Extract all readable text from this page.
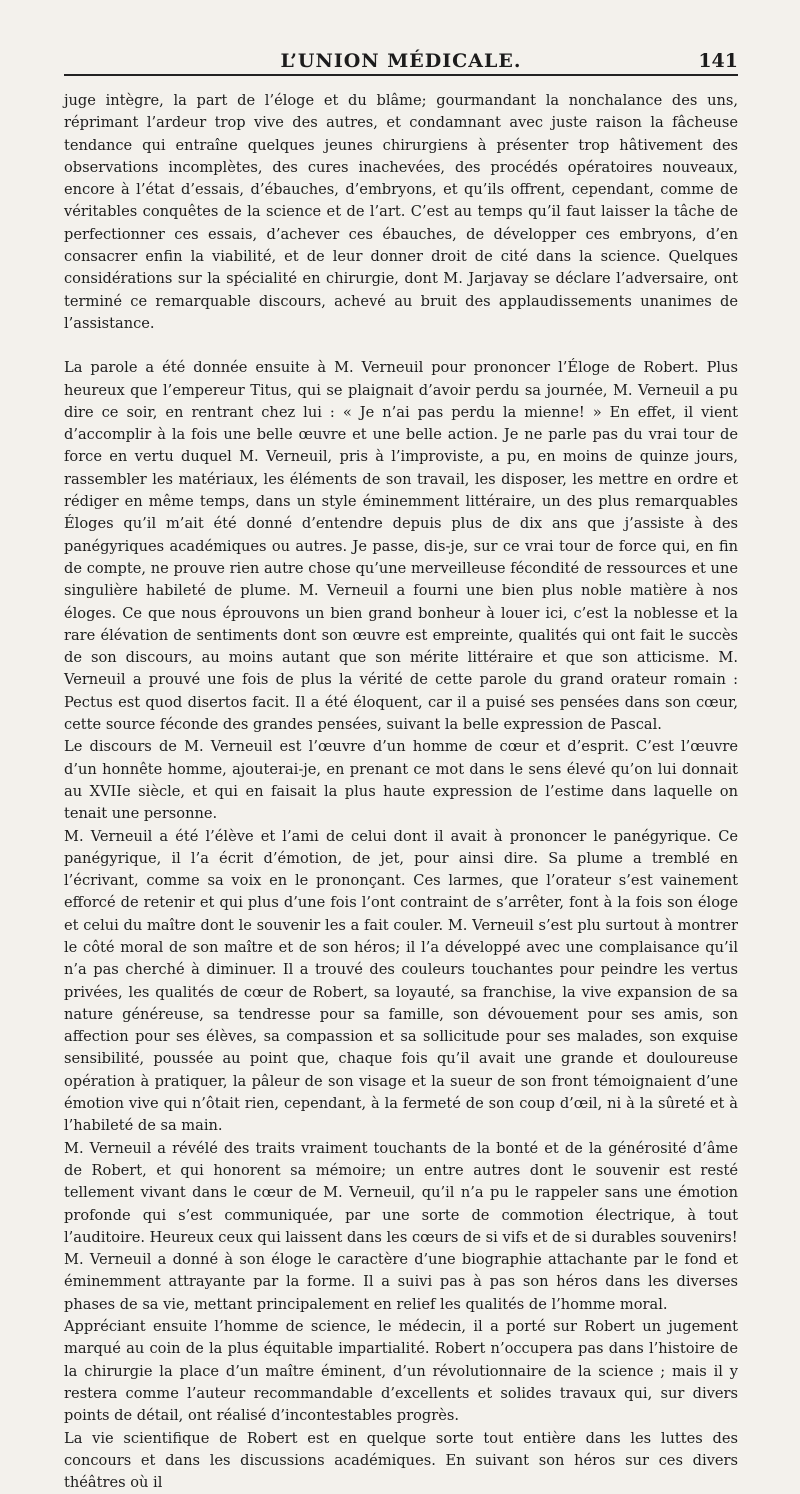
L’UNION MÉDICALE.	141

juge intègre, la part de l’éloge et du blâme; gourmandant la nonchalance des uns, réprimant l’ardeur trop vive des autres, et condamnant avec juste raison la fâcheuse tendance qui entraîne quelques jeunes chirurgiens à présenter trop hâtivement des observations incomplètes, des cures inachevées, des procédés opératoires nouveaux, encore à l’état d’essais, d’ébauches, d’embryons, et qu’ils offrent, cependant, comme de véritables conquêtes de la science et de l’art. C’est au temps qu’il faut laisser la tâche de perfectionner ces essais, d’achever ces ébauches, de développer ces embryons, d’en consacrer enfin la viabilité, et de leur donner droit de cité dans la science. Quelques considérations sur la spécialité en chirurgie, dont M. Jarjavay se déclare l’adversaire, ont terminé ce remarquable discours, achevé au bruit des applaudissements unanimes de l’assistance.

La parole a été donnée ensuite à M. Verneuil pour prononcer l’Éloge de Robert. Plus heureux que l’empereur Titus, qui se plaignait d’avoir perdu sa journée, M. Verneuil a pu dire ce soir, en rentrant chez lui : « Je n’ai pas perdu la mienne! » En effet, il vient d’accomplir à la fois une belle œuvre et une belle action. Je ne parle pas du vrai tour de force en vertu duquel M. Verneuil, pris à l’improviste, a pu, en moins de quinze jours, rassembler les matériaux, les éléments de son travail, les disposer, les mettre en ordre et rédiger en même temps, dans un style éminemment littéraire, un des plus remarquables Éloges qu’il m’ait été donné d’entendre depuis plus de dix ans que j’assiste à des panégyriques académiques ou autres. Je passe, dis-je, sur ce vrai tour de force qui, en fin de compte, ne prouve rien autre chose qu’une merveilleuse fécondité de ressources et une singulière habileté de plume. M. Verneuil a fourni une bien plus noble matière à nos éloges. Ce que nous éprouvons un bien grand bonheur à louer ici, c’est la noblesse et la rare élévation de sentiments dont son œuvre est empreinte, qualités qui ont fait le succès de son discours, au moins autant que son mérite littéraire et que son atticisme. M. Verneuil a prouvé une fois de plus la vérité de cette parole du grand orateur romain : Pectus est quod disertos facit. Il a été éloquent, car il a puisé ses pensées dans son cœur, cette source féconde des grandes pensées, suivant la belle expression de Pascal.

Le discours de M. Verneuil est l’œuvre d’un homme de cœur et d’esprit. C’est l’œuvre d’un honnête homme, ajouterai-je, en prenant ce mot dans le sens élevé qu’on lui donnait au XVIIe siècle, et qui en faisait la plus haute expression de l’estime dans laquelle on tenait une personne.

M. Verneuil a été l’élève et l’ami de celui dont il avait à prononcer le panégyrique. Ce panégyrique, il l’a écrit d’émotion, de jet, pour ainsi dire. Sa plume a tremblé en l’écrivant, comme sa voix en le prononçant. Ces larmes, que l’orateur s’est vainement efforcé de retenir et qui plus d’une fois l’ont contraint de s’arrêter, font à la fois son éloge et celui du maître dont le souvenir les a fait couler. M. Verneuil s’est plu surtout à montrer le côté moral de son maître et de son héros; il l’a développé avec une complaisance qu’il n’a pas cherché à diminuer. Il a trouvé des couleurs touchantes pour peindre les vertus privées, les qualités de cœur de Robert, sa loyauté, sa franchise, la vive expansion de sa nature généreuse, sa tendresse pour sa famille, son dévouement pour ses amis, son affection pour ses élèves, sa compassion et sa sollicitude pour ses malades, son exquise sensibilité, poussée au point que, chaque fois qu’il avait une grande et douloureuse opération à pratiquer, la pâleur de son visage et la sueur de son front témoignaient d’une émotion vive qui n’ôtait rien, cependant, à la fermeté de son coup d’œil, ni à la sûreté et à l’habileté de sa main.

M. Verneuil a révélé des traits vraiment touchants de la bonté et de la générosité d’âme de Robert, et qui honorent sa mémoire; un entre autres dont le souvenir est resté tellement vivant dans le cœur de M. Verneuil, qu’il n’a pu le rappeler sans une émotion profonde qui s’est communiquée, par une sorte de commotion électrique, à tout l’auditoire. Heureux ceux qui laissent dans les cœurs de si vifs et de si durables souvenirs!

M. Verneuil a donné à son éloge le caractère d’une biographie attachante par le fond et éminemment attrayante par la forme. Il a suivi pas à pas son héros dans les diverses phases de sa vie, mettant principalement en relief les qualités de l’homme moral.

Appréciant ensuite l’homme de science, le médecin, il a porté sur Robert un jugement marqué au coin de la plus équitable impartialité. Robert n’occupera pas dans l’histoire de la chirurgie la place d’un maître éminent, d’un révolutionnaire de la science ; mais il y restera comme l’auteur recommandable d’excellents et solides travaux qui, sur divers points de détail, ont réalisé d’incontestables progrès.

La vie scientifique de Robert est en quelque sorte tout entière dans les luttes des concours et dans les discussions académiques. En suivant son héros sur ces divers théâtres où il
